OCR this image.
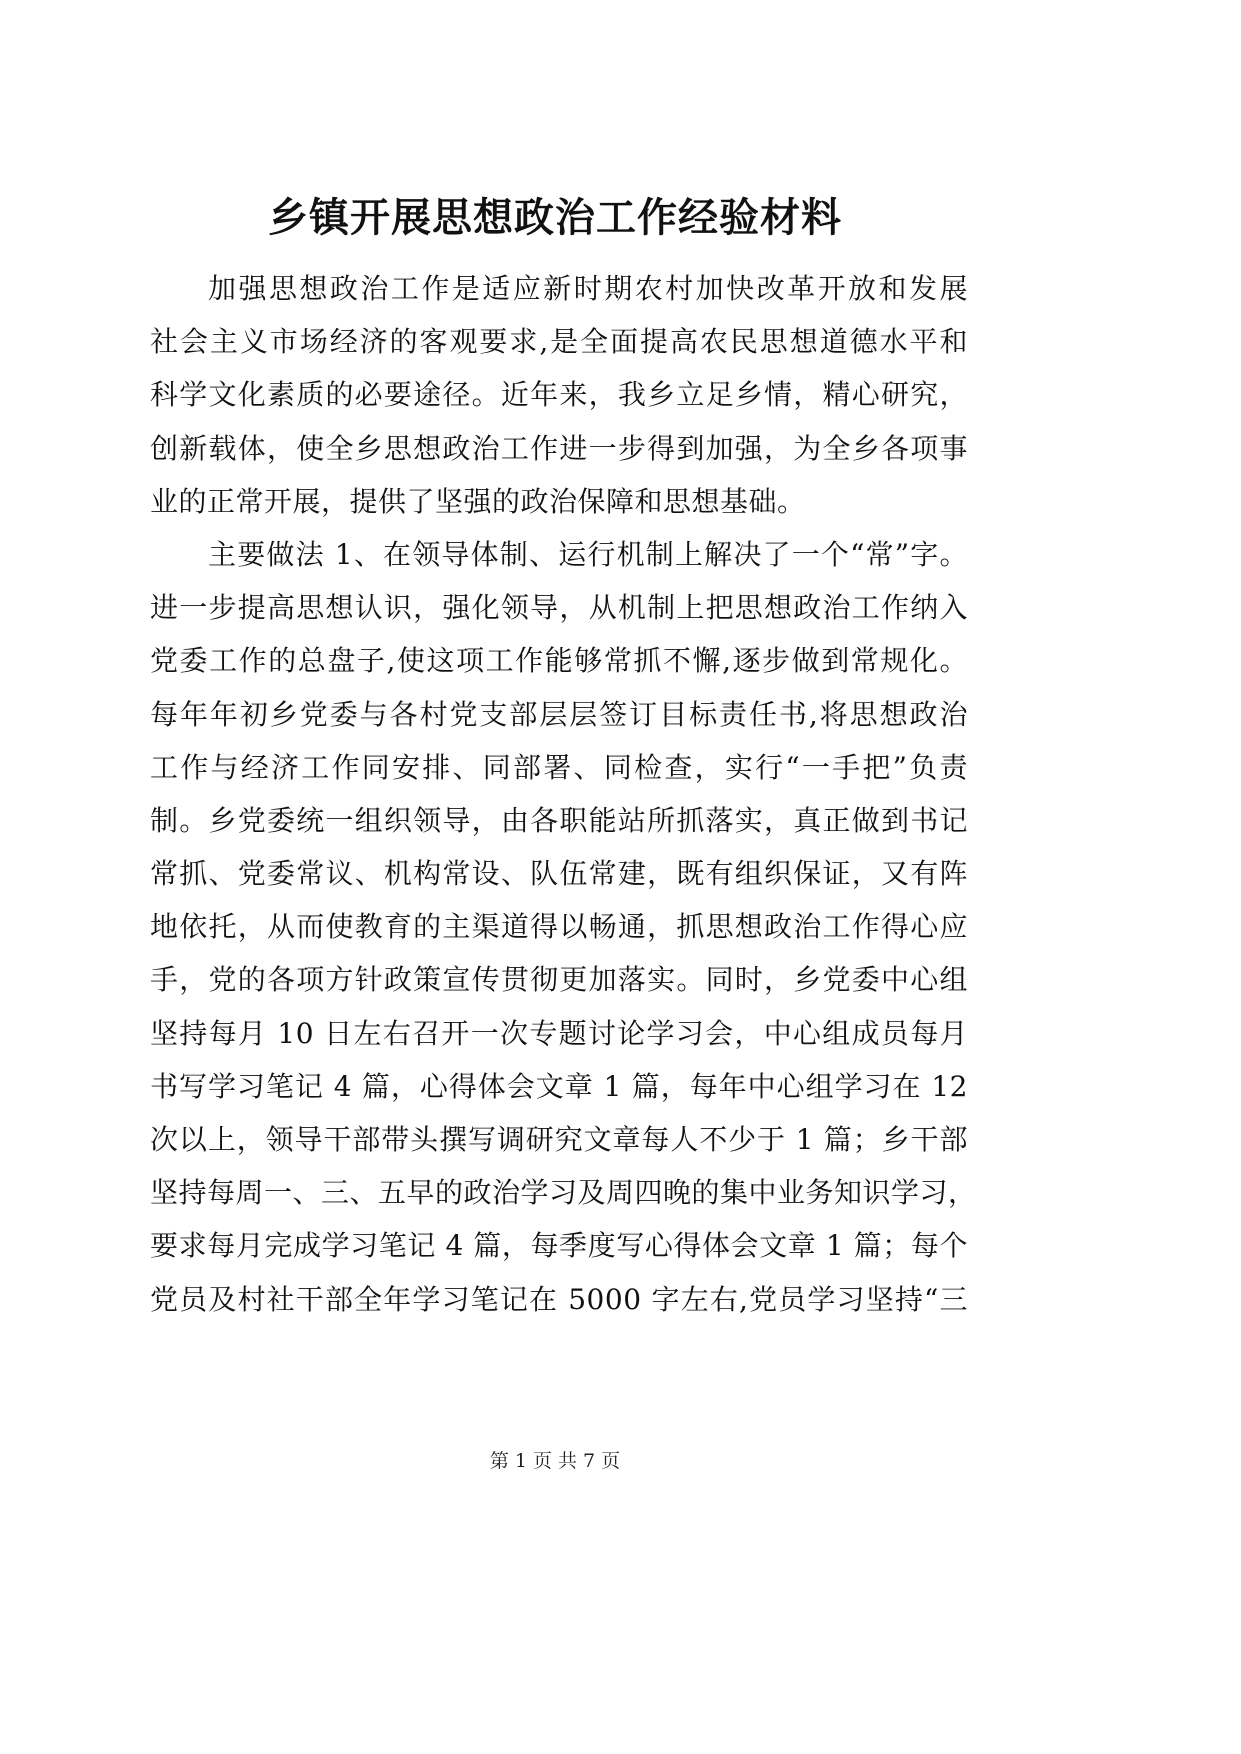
乡镇开展思想政治工作经验材料
加强思想政治工作是适应新时期农村加快改革开放和发展
社会主义市场经济的客观要求,是全面提高农民思想道德水平和
科学文化素质的必要途径。近年来，我乡立足乡情，精心研究，
创新载体，使全乡思想政治工作进一步得到加强，为全乡各项事
业的正常开展，提供了坚强的政治保障和思想基础。
主要做法 1、在领导体制、运行机制上解决了一个“常”字。
进一步提高思想认识，强化领导，从机制上把思想政治工作纳入
党委工作的总盘子,使这项工作能够常抓不懈,逐步做到常规化。
每年年初乡党委与各村党支部层层签订目标责任书,将思想政治
工作与经济工作同安排、同部署、同检查，实行“一手把”负责
制。乡党委统一组织领导，由各职能站所抓落实，真正做到书记
常抓、党委常议、机构常设、队伍常建，既有组织保证，又有阵
地依托，从而使教育的主渠道得以畅通，抓思想政治工作得心应
手，党的各项方针政策宣传贯彻更加落实。同时，乡党委中心组
坚持每月 10 日左右召开一次专题讨论学习会，中心组成员每月
书写学习笔记 4 篇，心得体会文章 1 篇，每年中心组学习在 12
次以上，领导干部带头撰写调研究文章每人不少于 1 篇；乡干部
坚持每周一、三、五早的政治学习及周四晚的集中业务知识学习，
要求每月完成学习笔记 4 篇，每季度写心得体会文章 1 篇；每个
党员及村社干部全年学习笔记在 5000 字左右,党员学习坚持“三
第 1 页 共 7 页
